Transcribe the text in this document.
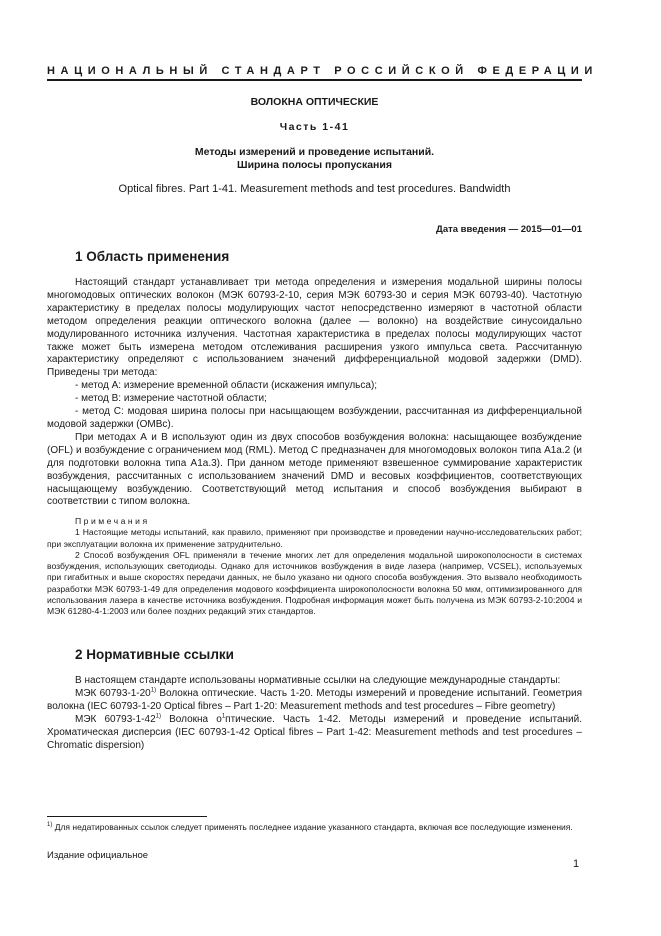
НАЦИОНАЛЬНЫЙ СТАНДАРТ РОССИЙСКОЙ ФЕДЕРАЦИИ
ВОЛОКНА ОПТИЧЕСКИЕ
Часть 1-41
Методы измерений и проведение испытаний.
Ширина полосы пропускания
Optical fibres. Part 1-41. Measurement methods and test procedures. Bandwidth
Дата введения — 2015—01—01
1 Область применения

Настоящий стандарт устанавливает три метода определения и измерения модальной ширины полосы многомодовых оптических волокон (МЭК 60793-2-10, серия МЭК 60793-30 и серия МЭК 60793-40). Частотную характеристику в пределах полосы модулирующих частот непосредственно измеряют в частотной области методом определения реакции оптического волокна (далее — волокно) на воздействие синусоидально модулированного источника излучения. Частотная характеристика в пределах полосы модулирующих частот также может быть измерена методом отслеживания расширения узкого импульса света. Рассчитанную характеристику определяют с использованием значений дифференциальной модовой задержки (DMD). Приведены три метода:

- метод А: измерение временной области (искажения импульса);

- метод В: измерение частотной области;

- метод С: модовая ширина полосы при насыщающем возбуждении, рассчитанная из дифференциальной модовой задержки (OMBc).

При методах А и В используют один из двух способов возбуждения волокна: насыщающее возбуждение (OFL) и возбуждение с ограничением мод (RML). Метод С предназначен для многомодовых волокон типа А1а.2 (и для подготовки волокна типа А1а.3). При данном методе применяют взвешенное суммирование характеристик возбуждения, рассчитанных с использованием значений DMD и весовых коэффициентов, соответствующих насыщающему возбуждению. Соответствующий метод испытания и способ возбуждения выбирают в соответствии с типом волокна.

Примечания

1 Настоящие методы испытаний, как правило, применяют при производстве и проведении научно-исследовательских работ; при эксплуатации волокна их применение затруднительно.

2 Способ возбуждения OFL применяли в течение многих лет для определения модальной широкополосности в системах возбуждения, использующих светодиоды. Однако для источников возбуждения в виде лазера (например, VCSEL), используемых при гигабитных и выше скоростях передачи данных, не было указано ни одного способа возбуждения. Это вызвало необходимость разработки МЭК 60793-1-49 для определения модового коэффициента широкополосности волокна 50 мкм, оптимизированного для использования лазера в качестве источника возбуждения. Подробная информация может быть получена из МЭК 60793-2-10:2004 и МЭК 61280-4-1:2003 или более поздних редакций этих стандартов.

2 Нормативные ссылки

В настоящем стандарте использованы нормативные ссылки на следующие международные стандарты:

МЭК 60793-1-20$^{1)}$ Волокна оптические. Часть 1-20. Методы измерений и проведение испытаний. Геометрия волокна (IEC 60793-1-20 Optical fibres – Part 1-20: Measurement methods and test procedures – Fibre geometry)

МЭК 60793-1-42$^{1)}$ Волокна $о^1птические$. Часть 1-42. Методы измерений и проведение испытаний. Хроматическая дисперсия (IEC 60793-1-42 Optical fibres – Part 1-42: Measurement methods and test procedures – Chromatic dispersion)

$^{1)}$ Для недатированных ссылок следует применять последнее издание указанного стандарта, включая все последующие изменения.

Издание официальное
1
